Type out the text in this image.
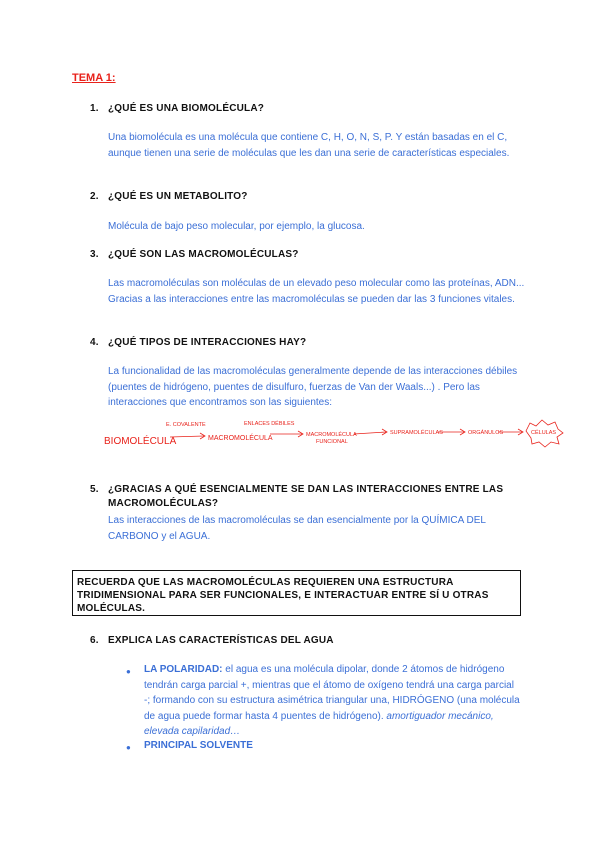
TEMA 1:
1. ¿QUÉ ES UNA BIOMOLÉCULA?
Una biomolécula es una molécula que contiene C, H, O, N, S, P. Y están basadas en el C, aunque tienen una serie de moléculas que les dan una serie de características especiales.
2. ¿QUÉ ES UN METABOLITO?
Molécula de bajo peso molecular, por ejemplo, la glucosa.
3. ¿QUÉ SON LAS MACROMOLÉCULAS?
Las macromoléculas son moléculas de un elevado peso molecular como las proteínas, ADN... Gracias a las interacciones entre las macromoléculas se pueden dar las 3 funciones vitales.
4. ¿QUÉ TIPOS DE INTERACCIONES HAY?
La funcionalidad de las macromoléculas generalmente depende de las interacciones débiles (puentes de hidrógeno, puentes de disulfuro, fuerzas de Van der Waals...) . Pero las interacciones que encontramos son las siguientes:
BIOMOLÉCULA
E. COVALENTE
MACROMOLÉCULA
ENLACES DÉBILES
MACROMOLÉCULA FUNCIONAL
SUPRAMOLÉCULAS	ORGÁNULOS	CÉLULAS
5. ¿GRACIAS A QUÉ ESENCIALMENTE SE DAN LAS INTERACCIONES ENTRE LAS MACROMOLÉCULAS?
Las interacciones de las macromoléculas se dan esencialmente por la QUÍMICA DEL CARBONO y el AGUA.
RECUERDA QUE LAS MACROMOLÉCULAS REQUIEREN UNA ESTRUCTURA TRIDIMENSIONAL PARA SER FUNCIONALES, E INTERACTUAR ENTRE SÍ U OTRAS MOLÉCULAS.
6. EXPLICA LAS CARACTERÍSTICAS DEL AGUA
● LA POLARIDAD: el agua es una molécula dipolar, donde 2 átomos de hidrógeno tendrán carga parcial +, mientras que el átomo de oxígeno tendrá una carga parcial -; formando con su estructura asimétrica triangular una, HIDRÓGENO (una molécula de agua puede formar hasta 4 puentes de hidrógeno). amortiguador mecánico, elevada capilaridad…
● PRINCIPAL SOLVENTE
